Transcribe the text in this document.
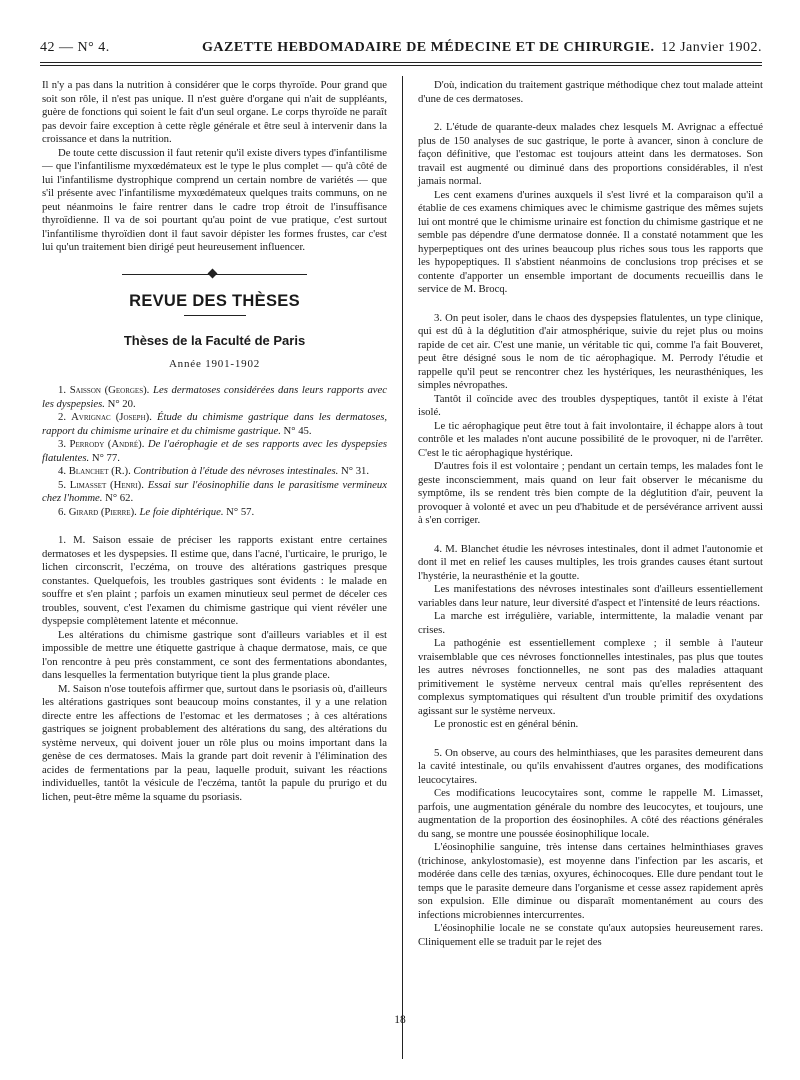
42 — N° 4.	GAZETTE HEBDOMADAIRE DE MÉDECINE ET DE CHIRURGIE. 12 Janvier 1902.

Il n'y a pas dans la nutrition à considérer que le corps thyroïde. Pour grand que soit son rôle, il n'est pas unique. Il n'est guère d'organe qui n'ait de suppléants, guère de fonctions qui soient le fait d'un seul organe. Le corps thyroïde ne paraît pas devoir faire exception à cette règle générale et être seul à intervenir dans la croissance et dans la nutrition.

De toute cette discussion il faut retenir qu'il existe divers types d'infantilisme — que l'infantilisme myxœdémateux est le type le plus complet — qu'à côté de lui l'infantilisme dystrophique comprend un certain nombre de variétés — que s'il présente avec l'infantilisme myxœdémateux quelques traits communs, on ne peut néanmoins le faire rentrer dans le cadre trop étroit de l'insuffisance thyroïdienne. Il va de soi pourtant qu'au point de vue pratique, c'est surtout l'infantilisme thyroïdien dont il faut savoir dépister les formes frustes, car c'est lui qu'un traitement bien dirigé peut heureusement influencer.

REVUE DES THÈSES
Thèses de la Faculté de Paris
Année 1901-1902

1. Saisson (Georges). Les dermatoses considérées dans leurs rapports avec les dyspepsies. N° 20.

2. Avrignac (Joseph). Étude du chimisme gastrique dans les dermatoses, rapport du chimisme urinaire et du chimisme gastrique. N° 45.

3. Perrody (André). De l'aérophagie et de ses rapports avec les dyspepsies flatulentes. N° 77.

4. Blanchet (R.). Contribution à l'étude des névroses intestinales. N° 31.

5. Limasset (Henri). Essai sur l'éosinophilie dans le parasitisme vermineux chez l'homme. N° 62.

6. Girard (Pierre). Le foie diphtérique. N° 57.

1. M. Saison essaie de préciser les rapports existant entre certaines dermatoses et les dyspepsies. Il estime que, dans l'acné, l'urticaire, le prurigo, le lichen circonscrit, l'eczéma, on trouve des altérations gastriques presque constantes. Quelquefois, les troubles gastriques sont évidents : le malade en souffre et s'en plaint ; parfois un examen minutieux seul permet de déceler ces troubles, souvent, c'est l'examen du chimisme gastrique qui vient révéler une dyspepsie complètement latente et méconnue.

Les altérations du chimisme gastrique sont d'ailleurs variables et il est impossible de mettre une étiquette gastrique à chaque dermatose, mais, ce que l'on rencontre à peu près constamment, ce sont des fermentations abondantes, dans lesquelles la fermentation butyrique tient la plus grande place.

M. Saison n'ose toutefois affirmer que, surtout dans le psoriasis où, d'ailleurs les altérations gastriques sont beaucoup moins constantes, il y a une relation directe entre les affections de l'estomac et les dermatoses ; à ces altérations gastriques se joignent probablement des altérations du sang, des altérations du système nerveux, qui doivent jouer un rôle plus ou moins important dans la genèse de ces dermatoses. Mais la grande part doit revenir à l'élimination des acides de fermentations par la peau, laquelle produit, suivant les réactions individuelles, tantôt la vésicule de l'eczéma, tantôt la papule du prurigo et du lichen, peut-être même la squame du psoriasis.

D'où, indication du traitement gastrique méthodique chez tout malade atteint d'une de ces dermatoses.

2. L'étude de quarante-deux malades chez lesquels M. Avrignac a effectué plus de 150 analyses de suc gastrique, le porte à avancer, sinon à conclure de façon définitive, que l'estomac est toujours atteint dans les dermatoses. Son travail est augmenté ou diminué dans des proportions considérables, il n'est jamais normal.

Les cent examens d'urines auxquels il s'est livré et la comparaison qu'il a établie de ces examens chimiques avec le chimisme gastrique des mêmes sujets lui ont montré que le chimisme urinaire est fonction du chimisme gastrique et ne semble pas dépendre d'une dermatose donnée. Il a constaté notamment que les hyperpeptiques ont des urines beaucoup plus riches sous tous les rapports que les hypopeptiques. Il s'abstient néanmoins de conclusions trop précises et se contente d'apporter un ensemble important de documents recueillis dans le service de M. Brocq.

3. On peut isoler, dans le chaos des dyspepsies flatulentes, un type clinique, qui est dû à la déglutition d'air atmosphérique, suivie du rejet plus ou moins rapide de cet air. C'est une manie, un véritable tic qui, comme l'a fait Bouveret, peut être désigné sous le nom de tic aérophagique. M. Perrody l'étudie et rappelle qu'il peut se rencontrer chez les hystériques, les neurasthéniques, les simples névropathes.

Tantôt il coïncide avec des troubles dyspeptiques, tantôt il existe à l'état isolé.

Le tic aérophagique peut être tout à fait involontaire, il échappe alors à tout contrôle et les malades n'ont aucune possibilité de le provoquer, ni de l'arrêter. C'est le tic aérophagique hystérique.

D'autres fois il est volontaire ; pendant un certain temps, les malades font le geste inconsciemment, mais quand on leur fait observer le mécanisme du symptôme, ils se rendent très bien compte de la déglutition d'air, peuvent la provoquer à volonté et avec un peu d'habitude et de persévérance arrivent aussi à s'en corriger.

4. M. Blanchet étudie les névroses intestinales, dont il admet l'autonomie et dont il met en relief les causes multiples, les trois grandes causes étant surtout l'hystérie, la neurasthénie et la goutte.

Les manifestations des névroses intestinales sont d'ailleurs essentiellement variables dans leur nature, leur diversité d'aspect et l'intensité de leurs réactions.

La marche est irrégulière, variable, intermittente, la maladie venant par crises.

La pathogénie est essentiellement complexe ; il semble à l'auteur vraisemblable que ces névroses fonctionnelles intestinales, pas plus que toutes les autres névroses fonctionnelles, ne sont pas des maladies attaquant primitivement le système nerveux central mais qu'elles représentent des complexus symptomatiques qui résultent d'un trouble primitif des oxydations agissant sur le système nerveux.

Le pronostic est en général bénin.

5. On observe, au cours des helminthiases, que les parasites demeurent dans la cavité intestinale, ou qu'ils envahissent d'autres organes, des modifications leucocytaires.

Ces modifications leucocytaires sont, comme le rappelle M. Limasset, parfois, une augmentation générale du nombre des leucocytes, et toujours, une augmentation de la proportion des éosinophiles. A côté des réactions générales du sang, se montre une poussée éosinophilique locale.

L'éosinophilie sanguine, très intense dans certaines helminthiases graves (trichinose, ankylostomasie), est moyenne dans l'infection par les ascaris, et modérée dans celle des tænias, oxyures, échinocoques. Elle dure pendant tout le temps que le parasite demeure dans l'organisme et cesse assez rapidement après son expulsion. Elle diminue ou disparaît momentanément au cours des infections microbiennes intercurrentes.

L'éosinophilie locale ne se constate qu'aux autopsies heureusement rares. Cliniquement elle se traduit par le rejet des

18
